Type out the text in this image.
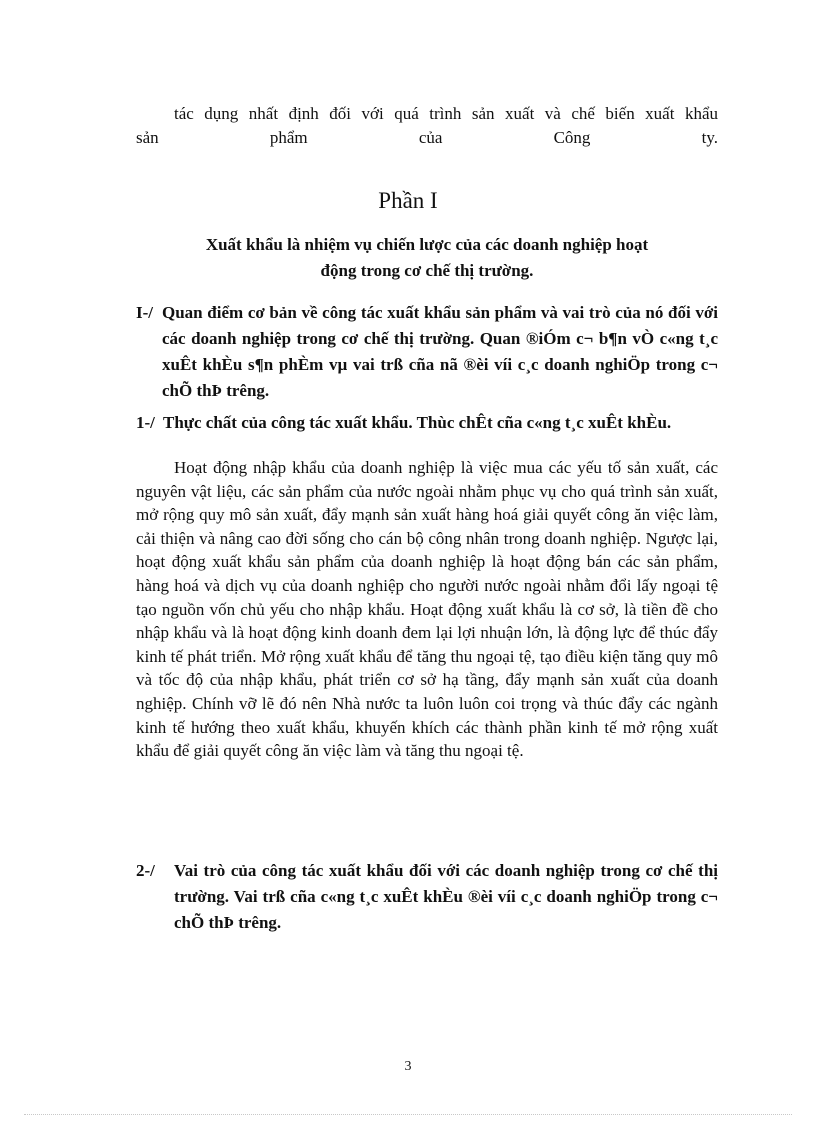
tác dụng nhất định đối với quá trình sản xuất và chế biến xuất khẩu
sản phẩm của Công ty.
Phần I
Xuất khẩu là nhiệm vụ chiến lược của các doanh nghiệp hoạt
động trong cơ chế thị trường.
I-/ Quan điểm cơ bản về công tác xuất khẩu sản phẩm và vai trò của nó đối với các doanh nghiệp trong cơ chế thị trường. Quan ®iÓm c¬ b¶n vÒ c«ng t¸c xuÊt khÈu s¶n phÈm vµ vai trß cña nã ®èi víi c¸c doanh nghiÖp trong c¬ chÕ thÞ trêng.
1-/ Thực chất của công tác xuất khẩu. Thùc chÊt cña c«ng t¸c xuÊt khÈu.

Hoạt động nhập khẩu của doanh nghiệp là việc mua các yếu tố sản xuất, các nguyên vật liệu, các sản phẩm của nước ngoài nhằm phục vụ cho quá trình sản xuất, mở rộng quy mô sản xuất, đẩy mạnh sản xuất hàng hoá giải quyết công ăn việc làm, cải thiện và nâng cao đời sống cho cán bộ công nhân trong doanh nghiệp. Ngược lại, hoạt động xuất khẩu sản phẩm của doanh nghiệp là hoạt động bán các sản phẩm, hàng hoá và dịch vụ của doanh nghiệp cho người nước ngoài nhằm đổi lấy ngoại tệ tạo nguồn vốn chủ yếu cho nhập khẩu. Hoạt động xuất khẩu là cơ sở, là tiền đề cho nhập khẩu và là hoạt động kinh doanh đem lại lợi nhuận lớn, là động lực để thúc đẩy kinh tế phát triển. Mở rộng xuất khẩu để tăng thu ngoại tệ, tạo điều kiện tăng quy mô và tốc độ của nhập khẩu, phát triển cơ sở hạ tầng, đẩy mạnh sản xuất của doanh nghiệp. Chính vỡ lẽ đó nên Nhà nước ta luôn luôn coi trọng và thúc đẩy các ngành kinh tế hướng theo xuất khẩu, khuyến khích các thành phần kinh tế mở rộng xuất khẩu để giải quyết công ăn việc làm và tăng thu ngoại tệ.

2-/	Vai trò của công tác xuất khẩu đối với các doanh nghiệp trong cơ chế thị trường. Vai trß cña c«ng t¸c xuÊt khÈu ®èi víi c¸c doanh nghiÖp trong c¬ chÕ thÞ trêng.
3
